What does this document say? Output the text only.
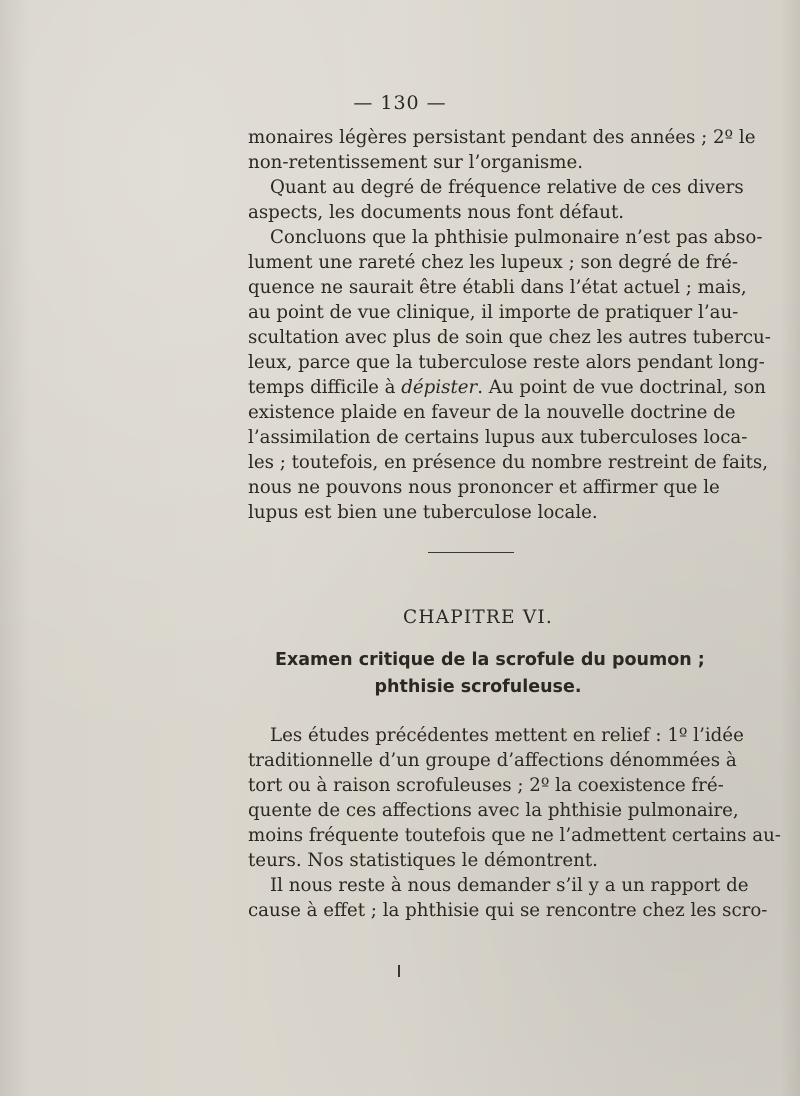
— 130 —
monaires légères persistant pendant des années ; 2º le
non-retentissement sur l’organisme.
Quant au degré de fréquence relative de ces divers
aspects, les documents nous font défaut.
Concluons que la phthisie pulmonaire n’est pas abso-
lument une rareté chez les lupeux ; son degré de fré-
quence ne saurait être établi dans l’état actuel ; mais,
au point de vue clinique, il importe de pratiquer l’au-
scultation avec plus de soin que chez les autres tubercu-
leux, parce que la tuberculose reste alors pendant long-
temps difficile à dépister. Au point de vue doctrinal, son
existence plaide en faveur de la nouvelle doctrine de
l’assimilation de certains lupus aux tuberculoses loca-
les ; toutefois, en présence du nombre restreint de faits,
nous ne pouvons nous prononcer et affirmer que le
lupus est bien une tuberculose locale.
CHAPITRE VI.
Examen critique de la scrofule du poumon ;
phthisie scrofuleuse.
Les études précédentes mettent en relief : 1º l’idée
traditionnelle d’un groupe d’affections dénommées à
tort ou à raison scrofuleuses ; 2º la coexistence fré-
quente de ces affections avec la phthisie pulmonaire,
moins fréquente toutefois que ne l’admettent certains au-
teurs. Nos statistiques le démontrent.
Il nous reste à nous demander s’il y a un rapport de
cause à effet ; la phthisie qui se rencontre chez les scro-
